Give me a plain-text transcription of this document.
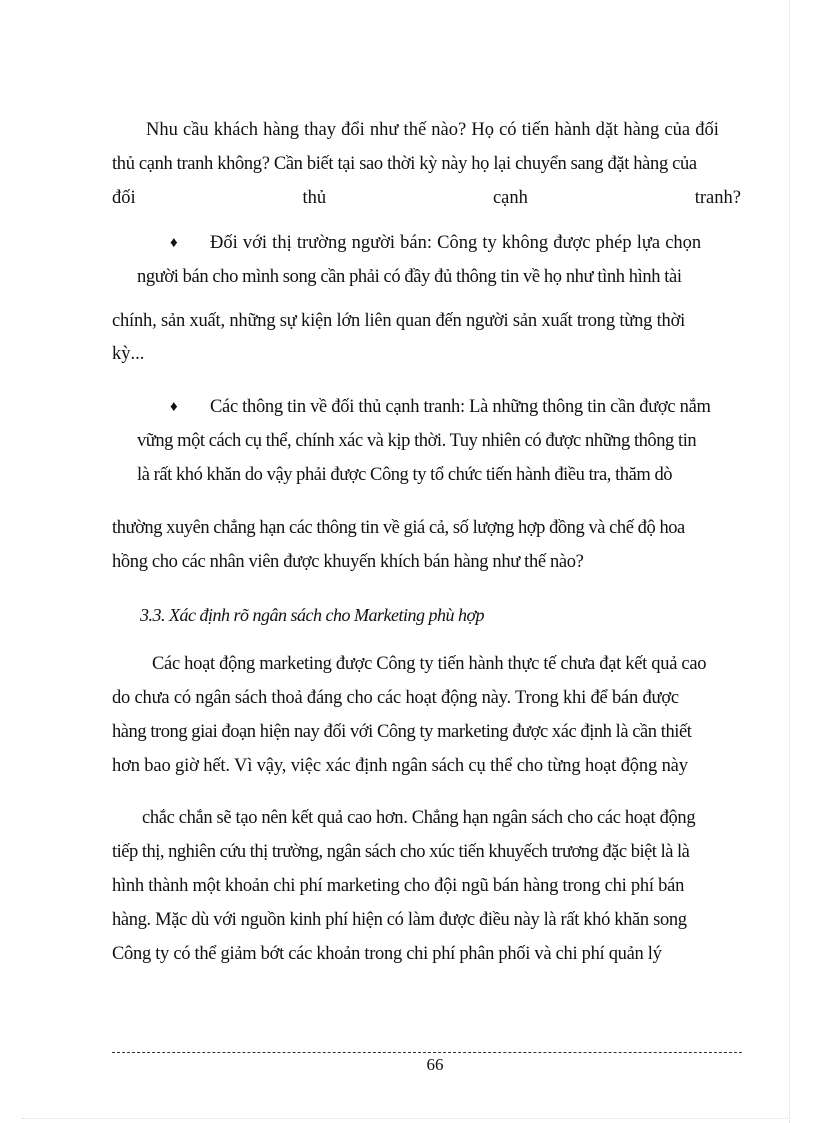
Nhu cầu khách hàng thay đổi như thế nào? Họ có tiến hành dặt hàng của đối
thủ cạnh tranh không? Cần biết tại sao thời kỳ này họ lại chuyển sang đặt hàng của
đối	thủ	cạnh	tranh?
♦ Đối với thị trường người bán: Công ty không được phép lựa chọn
người bán cho mình song cần phải có đầy đủ thông tin về họ như tình hình tài
chính, sản xuất, những sự kiện lớn liên quan đến người sản xuất trong từng thời
kỳ...
♦ Các thông tin về đối thủ cạnh tranh: Là những thông tin cần được nắm
vững một cách cụ thể, chính xác và kịp thời. Tuy nhiên có được những thông tin
là rất khó khăn do vậy phải được Công ty tổ chức tiến hành điều tra, thăm dò
thường xuyên chẳng hạn các thông tin về giá cả, số lượng hợp đồng và chế độ hoa
hồng cho các nhân viên được khuyến khích bán hàng như thế nào?
3.3. Xác định rõ ngân sách cho Marketing phù hợp
Các hoạt động marketing được Công ty tiến hành thực tế chưa đạt kết quả cao
do chưa có ngân sách thoả đáng cho các hoạt động này. Trong khi để bán được
hàng trong giai đoạn hiện nay đối với Công ty marketing được xác định là cần thiết
hơn bao giờ hết. Vì vậy, việc xác định ngân sách cụ thể cho từng hoạt động này
chắc chắn sẽ tạo nên kết quả cao hơn. Chẳng hạn ngân sách cho các hoạt động
tiếp thị, nghiên cứu thị trường, ngân sách cho xúc tiến khuyếch trương đặc biệt là là
hình thành một khoản chi phí marketing cho đội ngũ bán hàng trong chi phí bán
hàng. Mặc dù với nguồn kinh phí hiện có làm được điều này là rất khó khăn song
Công ty có thể giảm bớt các khoản trong chi phí phân phối và chi phí quản lý
66
